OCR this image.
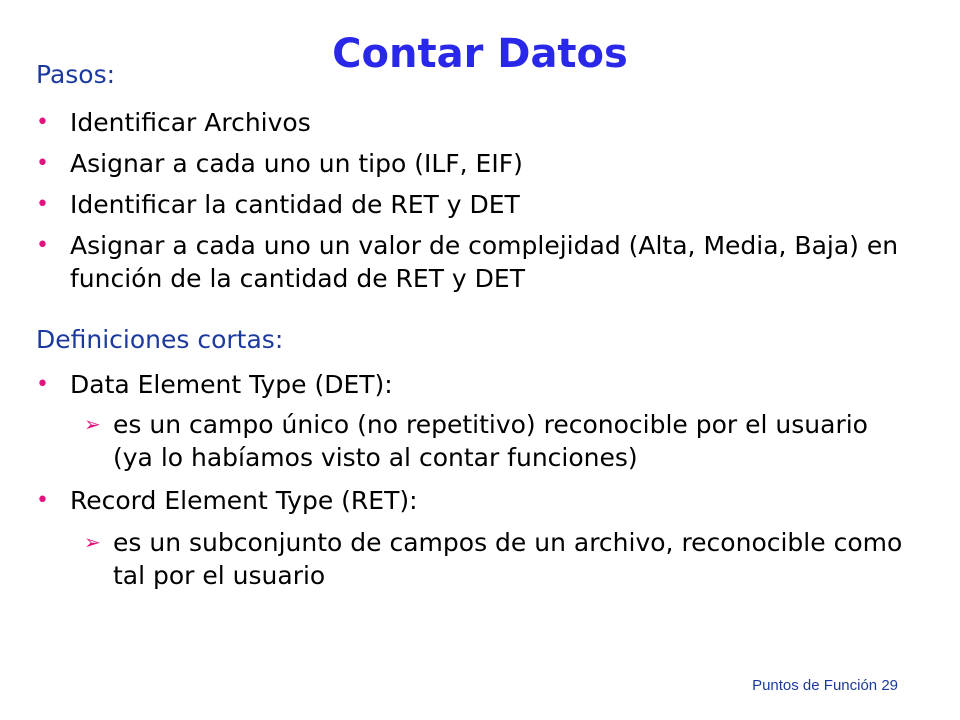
Contar Datos

Pasos:

• Identificar Archivos
• Asignar a cada uno un tipo (ILF, EIF)
• Identificar la cantidad de RET y DET
• Asignar a cada uno un valor de complejidad (Alta, Media, Baja) en función de la cantidad de RET y DET

Definiciones cortas:

• Data Element Type (DET):
➢ es un campo único (no repetitivo) reconocible por el usuario   (ya lo habíamos visto al contar funciones)
• Record Element Type (RET):
➢ es un subconjunto de campos de un archivo, reconocible como tal por el usuario
Puntos de Función 29
